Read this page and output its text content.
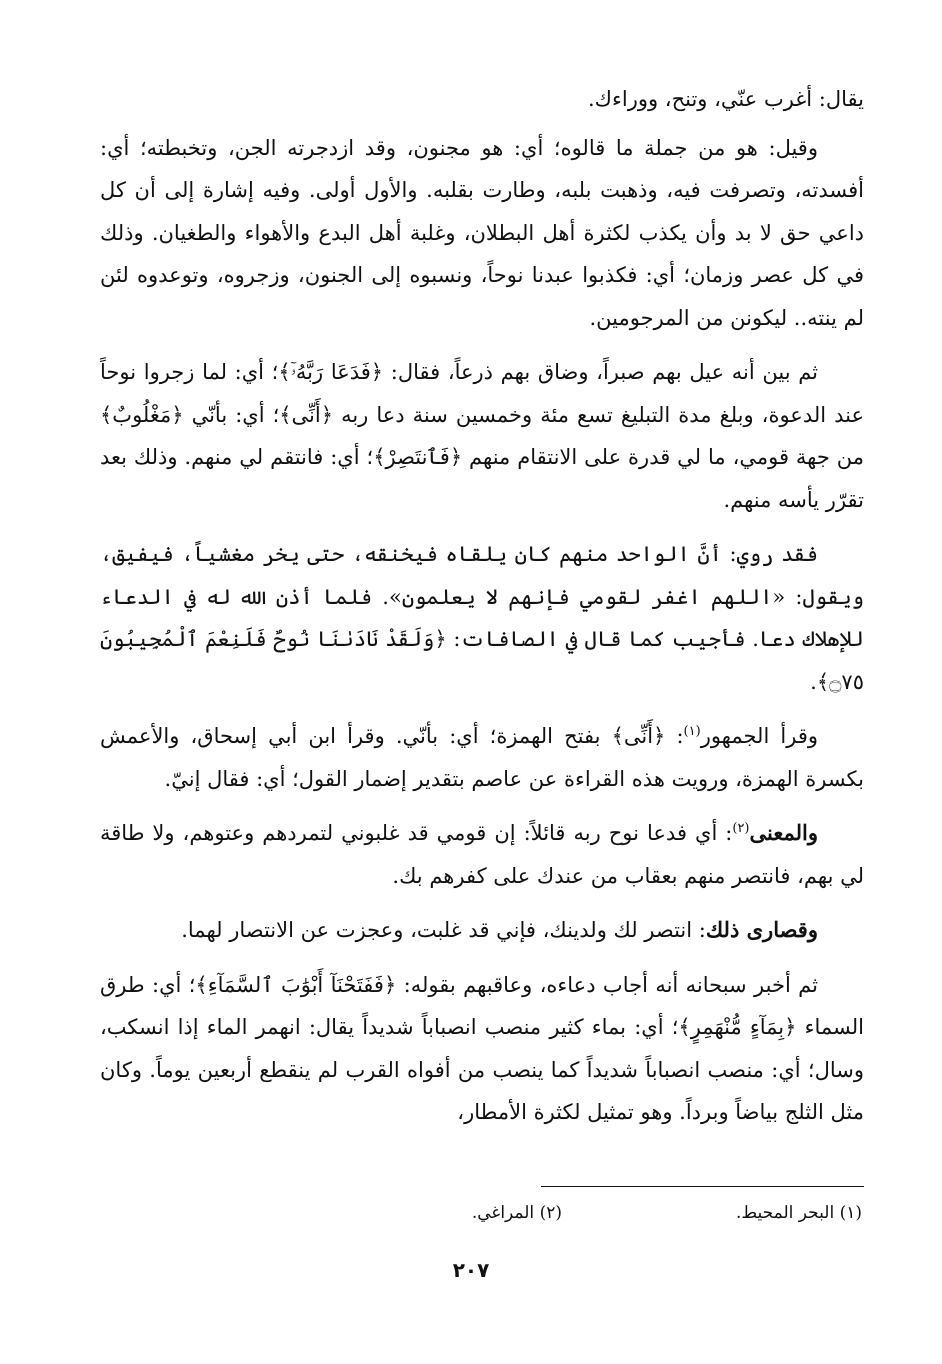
يقال: أغرب عنّي، وتنح، ووراءك.

وقيل: هو من جملة ما قالوه؛ أي: هو مجنون، وقد ازدجرته الجن، وتخبطته؛ أي: أفسدته، وتصرفت فيه، وذهبت بلبه، وطارت بقلبه. والأول أولى. وفيه إشارة إلى أن كل داعي حق لا بد وأن يكذب لكثرة أهل البطلان، وغلبة أهل البدع والأهواء والطغيان. وذلك في كل عصر وزمان؛ أي: فكذبوا عبدنا نوحاً، ونسبوه إلى الجنون، وزجروه، وتوعدوه لئن لم ينته.. ليكونن من المرجومين.

ثم بين أنه عيل بهم صبراً، وضاق بهم ذرعاً، فقال: ﴿فَدَعَا رَبَّهُۥٓ﴾؛ أي: لما زجروا نوحاً عند الدعوة، وبلغ مدة التبليغ تسع مئة وخمسين سنة دعا ربه ﴿أَنِّى﴾؛ أي: بأنّي ﴿مَغْلُوبٌ﴾ من جهة قومي، ما لي قدرة على الانتقام منهم ﴿فَٱنتَصِرْ﴾؛ أي: فانتقم لي منهم. وذلك بعد تقرّر يأسه منهم.

فقد روي: أنَّ الواحد منهم كان يلقاه فيخنقه، حتى يخر مغشياً، فيفيق، ويقول: «اللهم اغفر لقومي فإنهم لا يعلمون». فلما أذن الله له في الدعاء للإهلاك دعا. فأجيب كما قال في الصافات: ﴿وَلَقَدْ نَادَىٰنَا نُوحٌ فَلَنِعْمَ ٱلْمُجِيبُونَ ۝٧٥﴾.

وقرأ الجمهور$^{(١)}$: ﴿أَنِّى﴾ بفتح الهمزة؛ أي: بأنّي. وقرأ ابن أبي إسحاق، والأعمش بكسرة الهمزة، ورويت هذه القراءة عن عاصم بتقدير إضمار القول؛ أي: فقال إنيّ.

والمعنى$^{(٢)}$: أي فدعا نوح ربه قائلاً: إن قومي قد غلبوني لتمردهم وعتوهم، ولا طاقة لي بهم، فانتصر منهم بعقاب من عندك على كفرهم بك.

وقصارى ذلك: انتصر لك ولدينك، فإني قد غلبت، وعجزت عن الانتصار لهما.

ثم أخبر سبحانه أنه أجاب دعاءه، وعاقبهم بقوله: ﴿فَفَتَحْنَآ أَبْوَٰبَ ٱلسَّمَآءِ﴾؛ أي: طرق السماء ﴿بِمَآءٍ مُّنْهَمِرٍ﴾؛ أي: بماء كثير منصب انصباباً شديداً يقال: انهمر الماء إذا انسكب، وسال؛ أي: منصب انصباباً شديداً كما ينصب من أفواه القرب لم ينقطع أربعين يوماً. وكان مثل الثلج بياضاً وبرداً. وهو تمثيل لكثرة الأمطار،

(١) البحر المحيط.
(٢) المراغي.
٢٠٧
